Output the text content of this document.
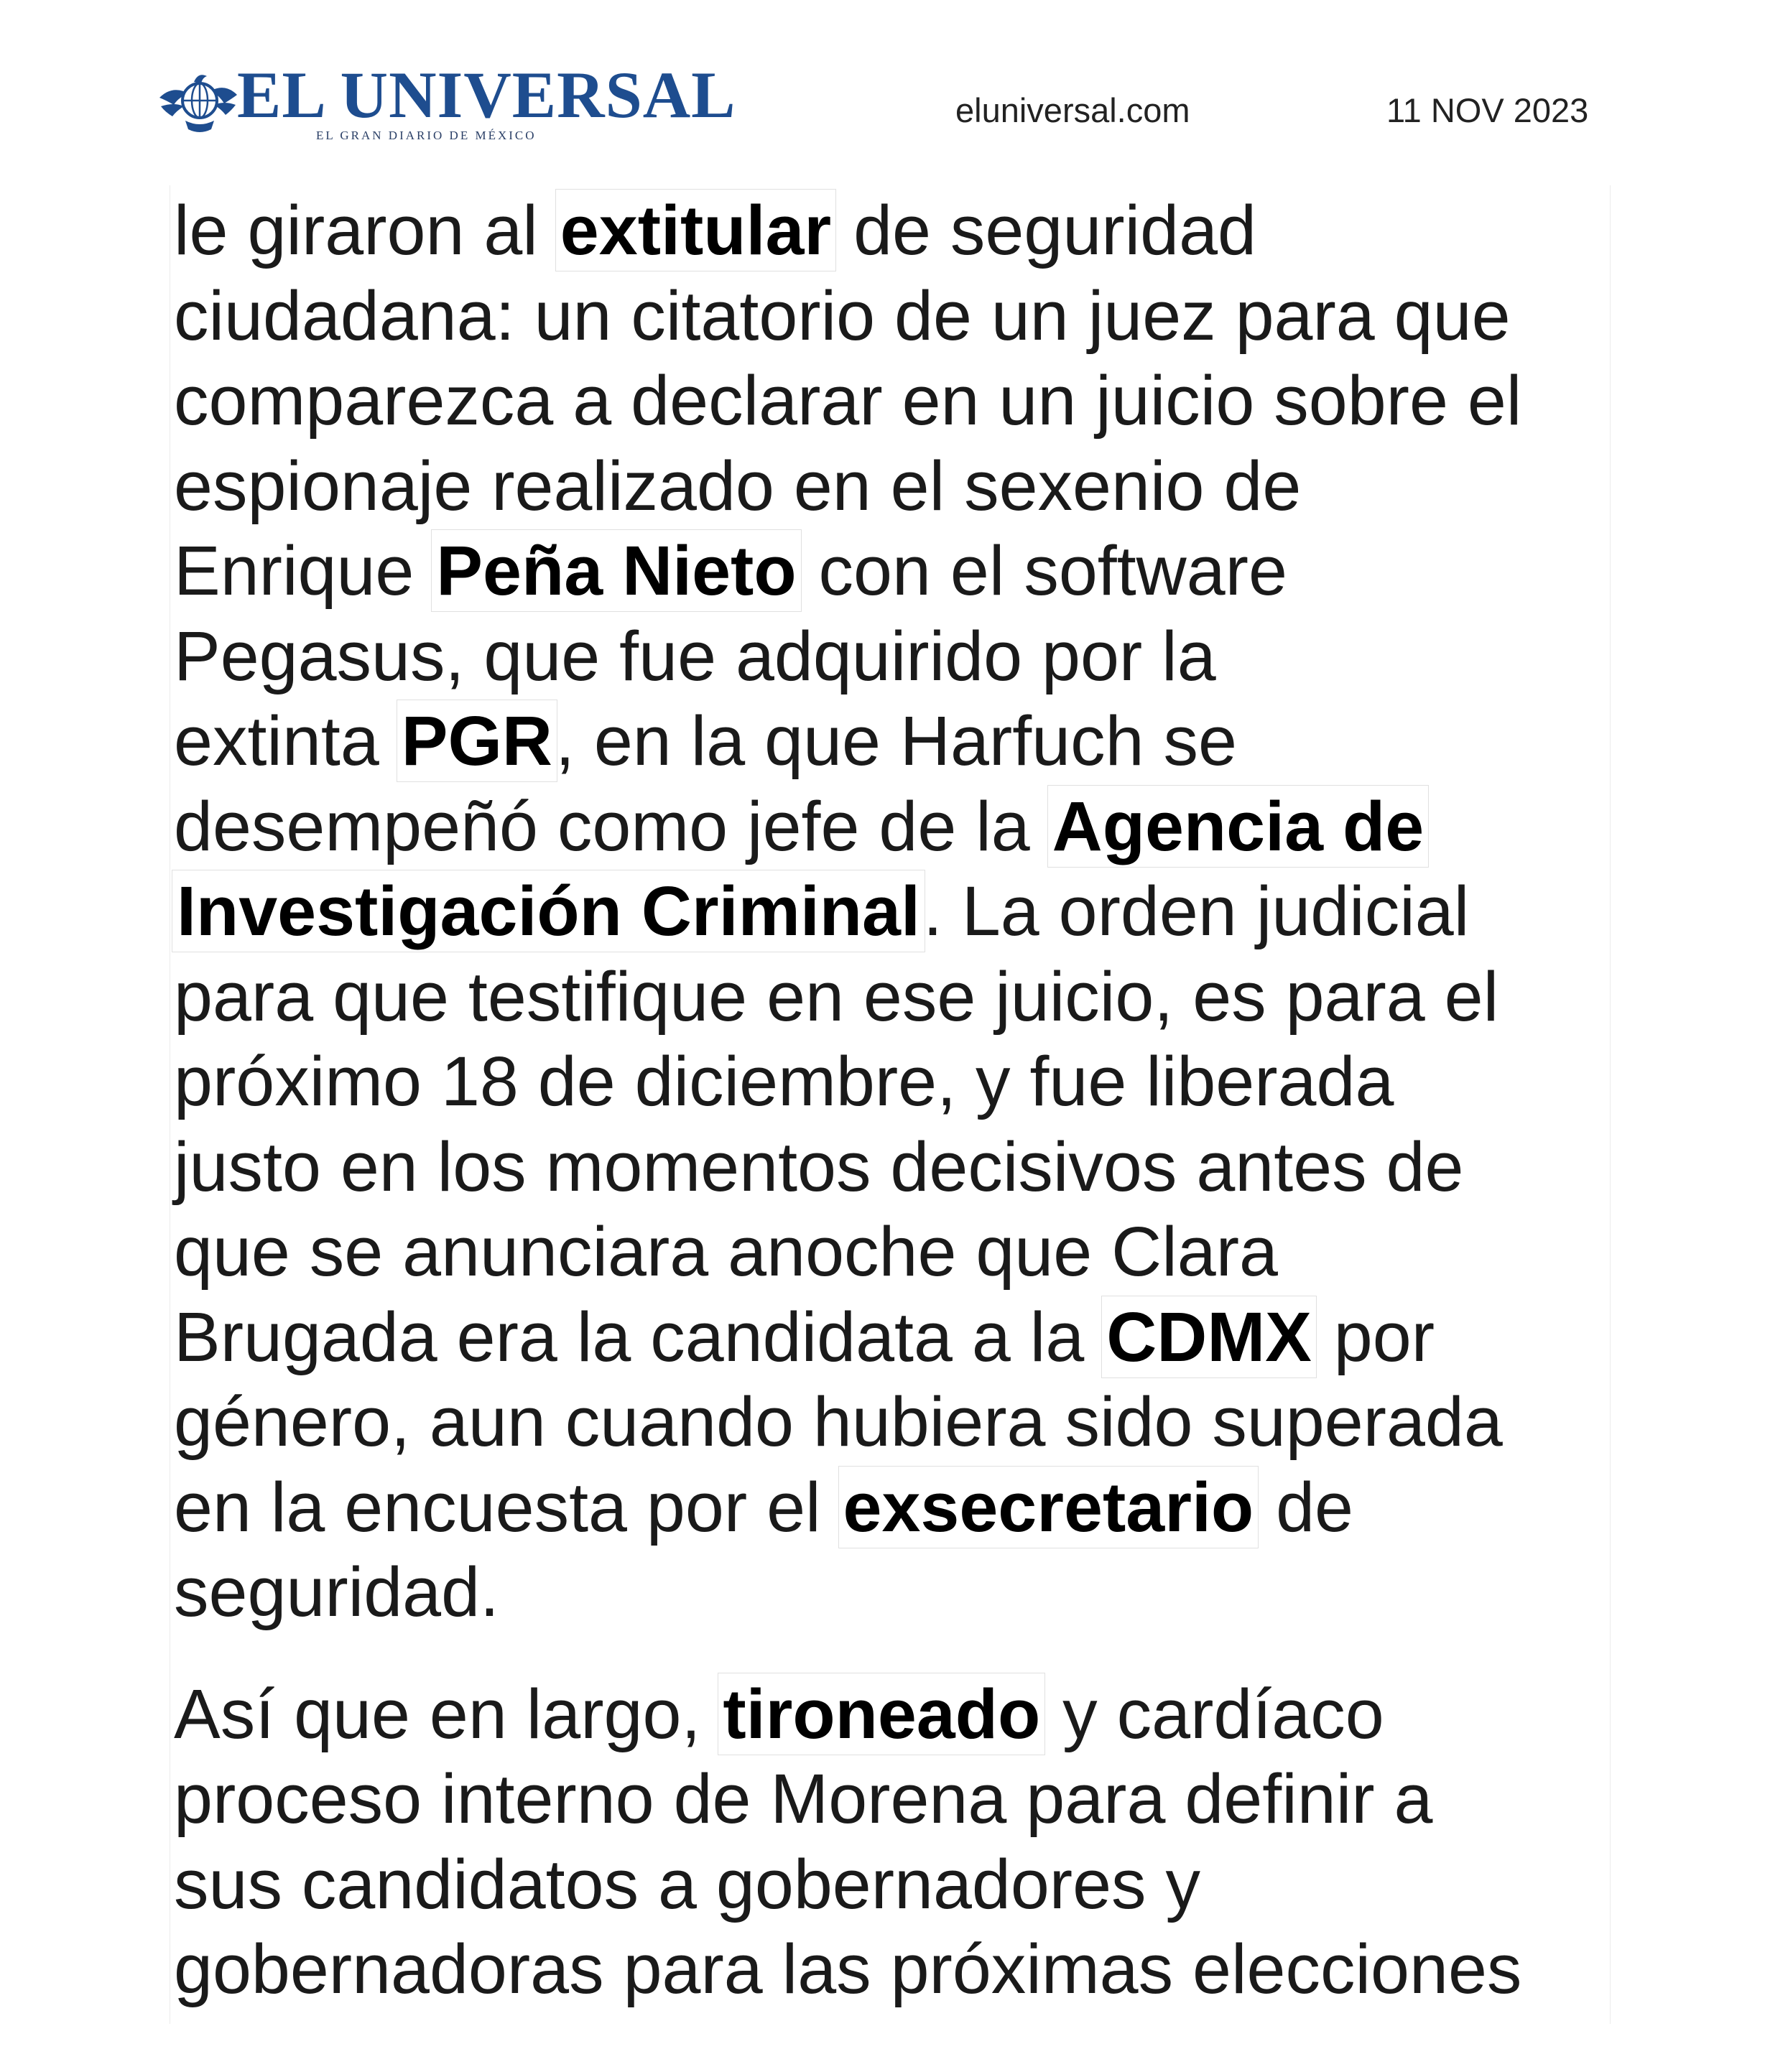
EL UNIVERSAL
EL GRAN DIARIO DE MÉXICO
eluniversal.com	11 NOV 2023

le giraron al extitular de seguridad
ciudadana: un citatorio de un juez para que
comparezca a declarar en un juicio sobre el
espionaje realizado en el sexenio de
Enrique Peña Nieto con el software
Pegasus, que fue adquirido por la
extinta PGR, en la que Harfuch se
desempeñó como jefe de la Agencia de
Investigación Criminal. La orden judicial
para que testifique en ese juicio, es para el
próximo 18 de diciembre, y fue liberada
justo en los momentos decisivos antes de
que se anunciara anoche que Clara
Brugada era la candidata a la CDMX por
género, aun cuando hubiera sido superada
en la encuesta por el exsecretario de
seguridad.

Así que en largo, tironeado y cardíaco
proceso interno de Morena para definir a
sus candidatos a gobernadores y
gobernadoras para las próximas elecciones
